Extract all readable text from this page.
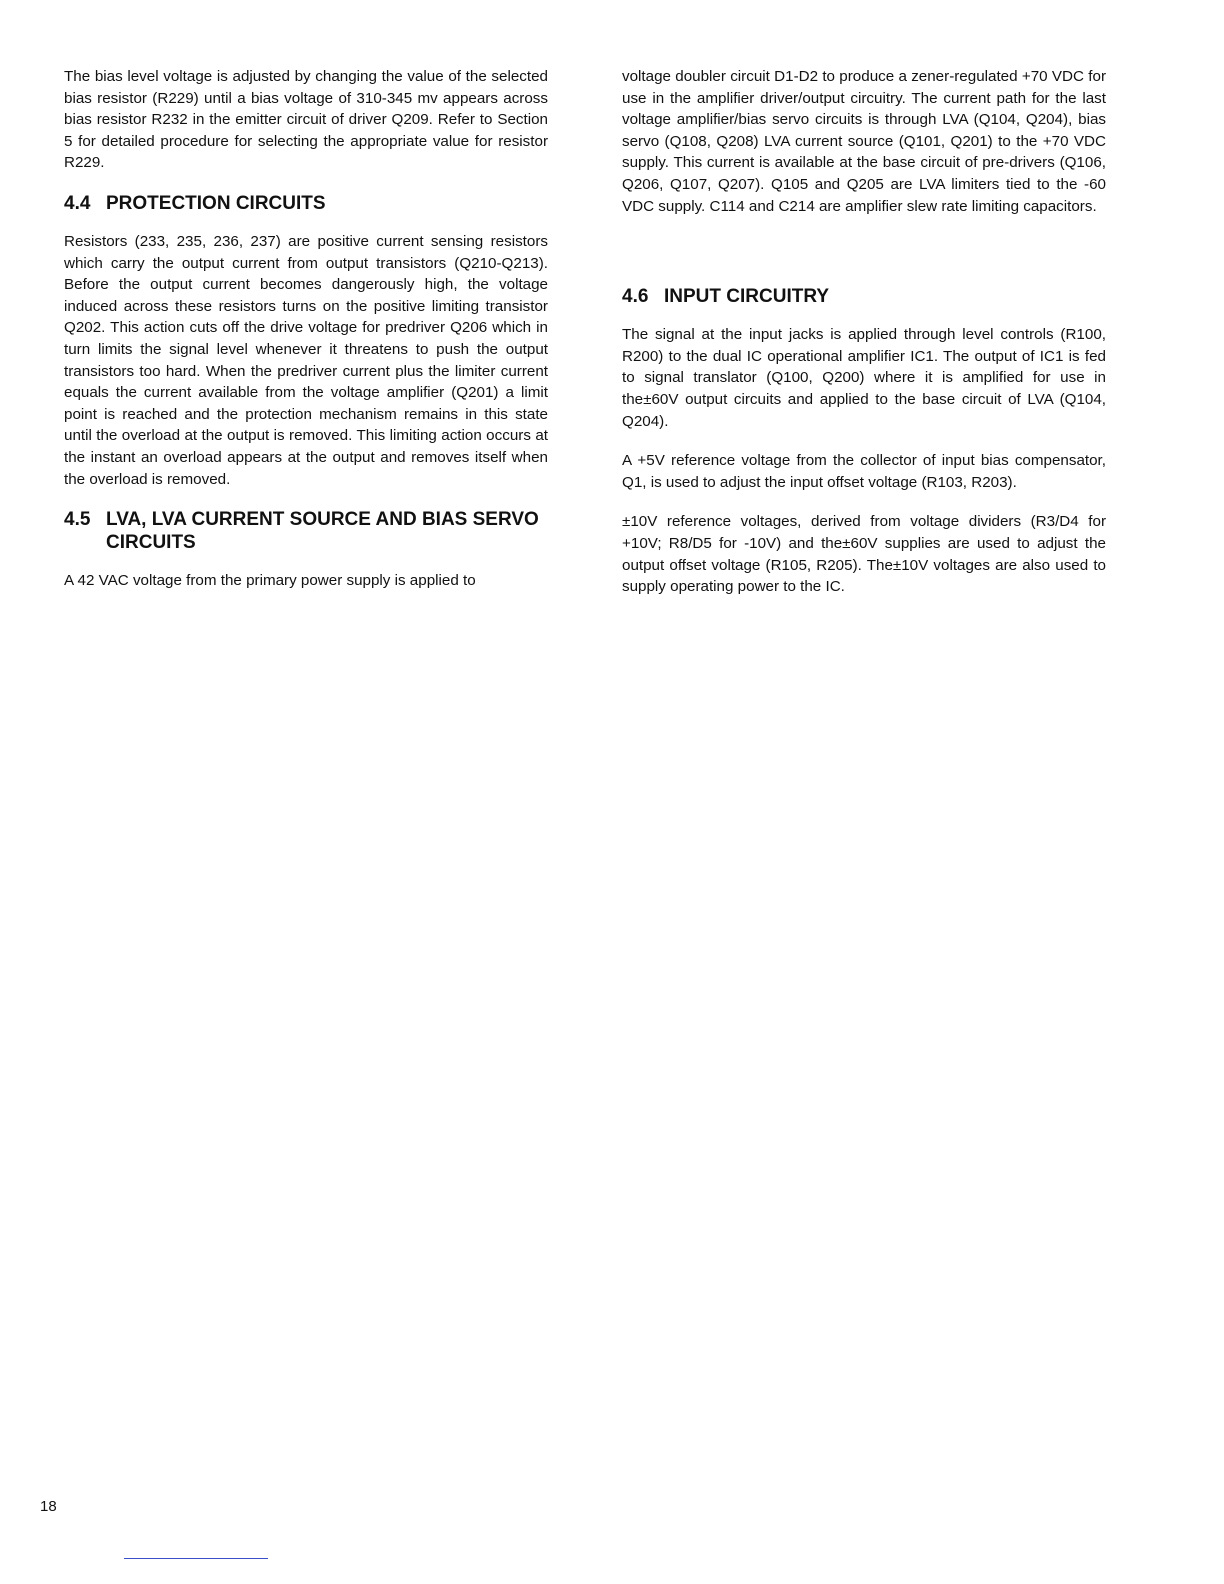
The bias level voltage is adjusted by changing the value of the selected bias resistor (R229) until a bias voltage of 310-345 mv appears across bias resistor R232 in the emitter circuit of driver Q209. Refer to Section 5 for detailed procedure for selecting the appropriate value for resistor R229.

4.4 PROTECTION CIRCUITS

Resistors (233, 235, 236, 237) are positive current sensing resistors which carry the output current from output transistors (Q210-Q213). Before the output current becomes dangerously high, the voltage induced across these resistors turns on the positive limiting transistor Q202. This action cuts off the drive voltage for predriver Q206 which in turn limits the signal level whenever it threatens to push the output transistors too hard. When the predriver current plus the limiter current equals the current available from the voltage amplifier (Q201) a limit point is reached and the protection mechanism remains in this state until the overload at the output is removed. This limiting action occurs at the instant an overload appears at the output and removes itself when the overload is removed.

4.5 LVA, LVA CURRENT SOURCE AND BIAS SERVO CIRCUITS

A 42 VAC voltage from the primary power supply is applied to

voltage doubler circuit D1-D2 to produce a zener-regulated +70 VDC for use in the amplifier driver/output circuitry. The current path for the last voltage amplifier/bias servo circuits is through LVA (Q104, Q204), bias servo (Q108, Q208) LVA current source (Q101, Q201) to the +70 VDC supply. This current is available at the base circuit of pre-drivers (Q106, Q206, Q107, Q207). Q105 and Q205 are LVA limiters tied to the -60 VDC supply. C114 and C214 are amplifier slew rate limiting capacitors.

4.6 INPUT CIRCUITRY

The signal at the input jacks is applied through level controls (R100, R200) to the dual IC operational amplifier IC1. The output of IC1 is fed to signal translator (Q100, Q200) where it is amplified for use in the±60V output circuits and applied to the base circuit of LVA (Q104, Q204).

A +5V reference voltage from the collector of input bias compensator, Q1, is used to adjust the input offset voltage (R103, R203).

±10V reference voltages, derived from voltage dividers (R3/D4 for +10V; R8/D5 for -10V) and the±60V supplies are used to adjust the output offset voltage (R105, R205). The±10V voltages are also used to supply operating power to the IC.

18
